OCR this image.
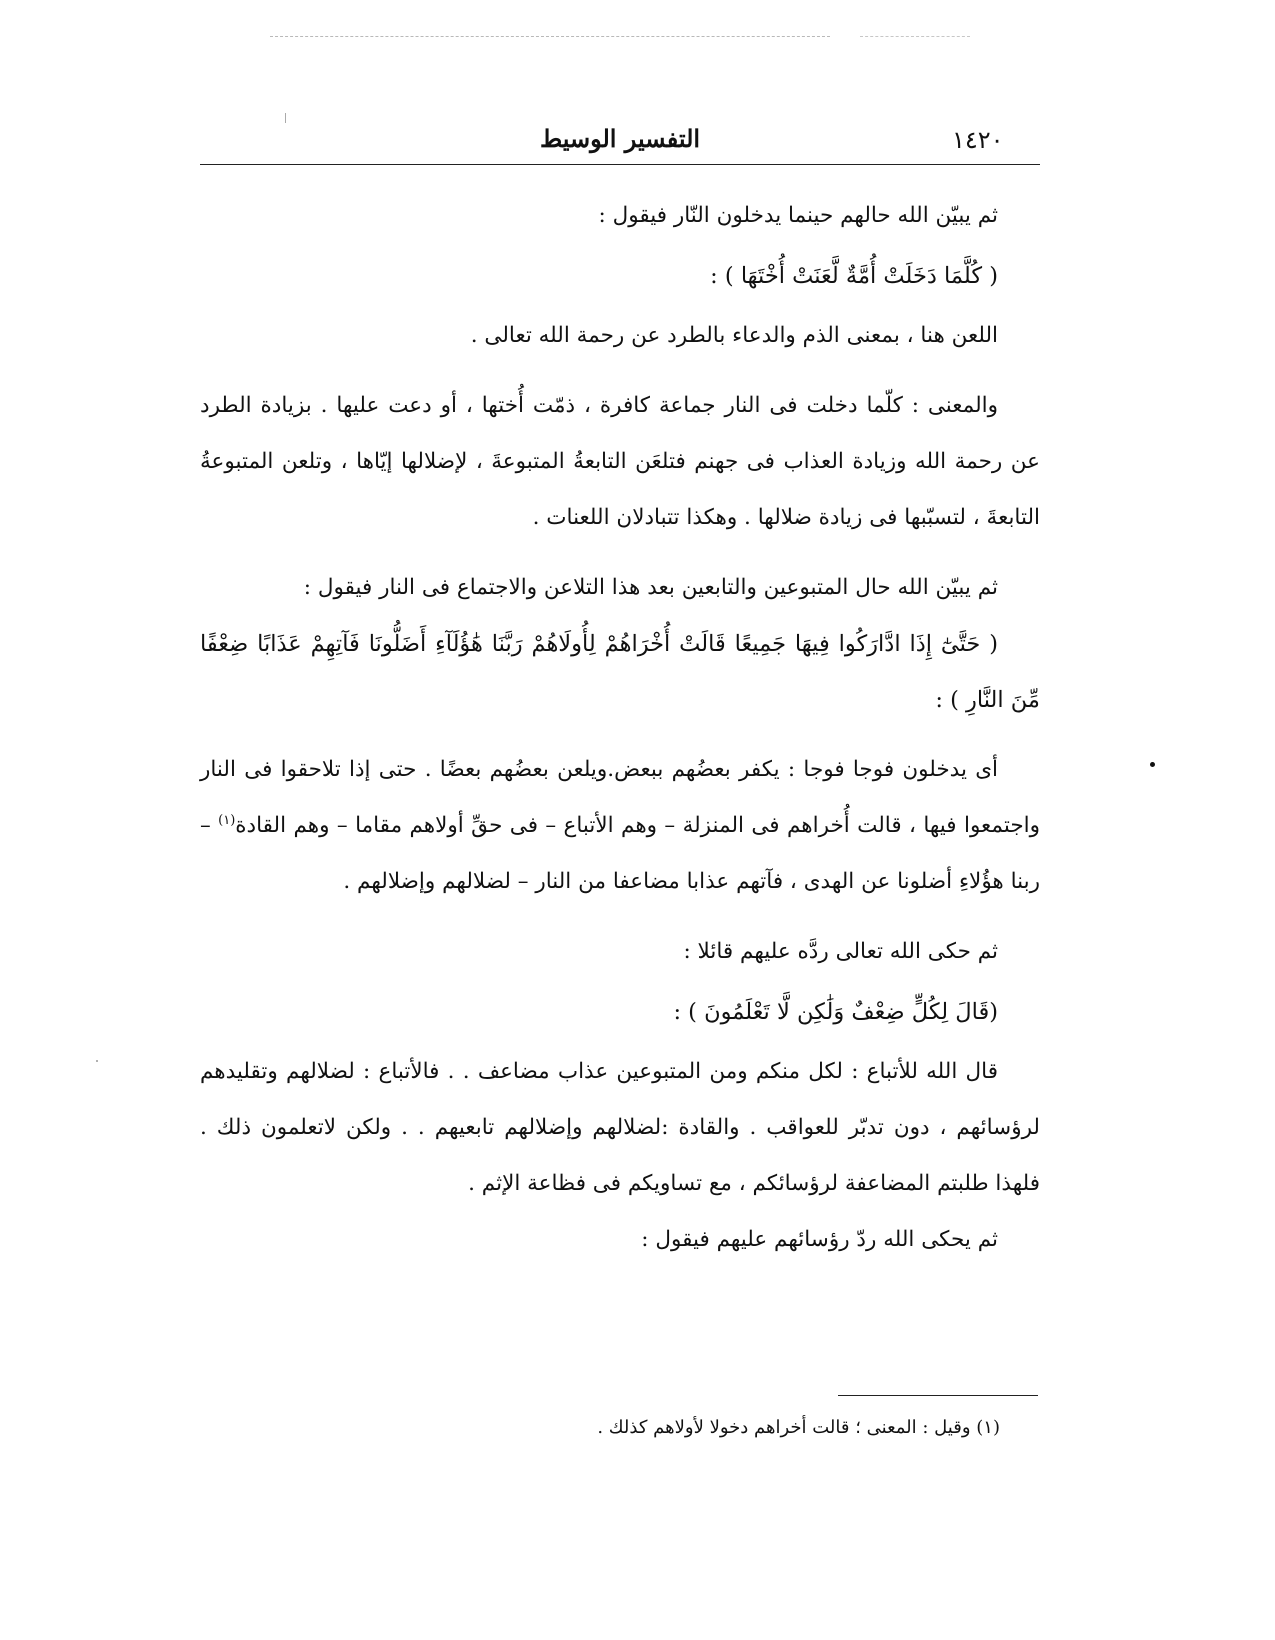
١٤٢٠
التفسير الوسيط

ثم يبيّن الله حالهم حينما يدخلون النّار فيقول :

( كُلَّمَا دَخَلَتْ أُمَّةٌ لَّعَنَتْ أُخْتَهَا ) :

اللعن هنا ، بمعنى الذم والدعاء بالطرد عن رحمة الله تعالى .

والمعنى : كلّما دخلت فى النار جماعة كافرة ، ذمّت أُختها ، أو دعت عليها . بزيادة الطرد عن رحمة الله وزيادة العذاب فى جهنم فتلعَن التابعةُ المتبوعةَ ، لإضلالها إيّاها ، وتلعن المتبوعةُ التابعةَ ، لتسبّبها فى زيادة ضلالها . وهكذا تتبادلان اللعنات .

ثم يبيّن الله حال المتبوعين والتابعين بعد هذا التلاعن والاجتماع فى النار فيقول :

( حَتَّىٰٓ إِذَا ادَّارَكُوا فِيهَا جَمِيعًا قَالَتْ أُخْرَاهُمْ لِأُولَاهُمْ رَبَّنَا هَٰؤُلَآءِ أَضَلُّونَا فَآتِهِمْ عَذَابًا ضِعْفًا مِّنَ النَّارِ ) :

أى يدخلون فوجا فوجا : يكفر بعضُهم ببعض.ويلعن بعضُهم بعضًا . حتى إذا تلاحقوا فى النار واجتمعوا فيها ، قالت أُخراهم فى المنزلة – وهم الأتباع – فى حقِّ أولاهم مقاما – وهم القادة$^{(١)}$ – ربنا هؤُلاءِ أضلونا عن الهدى ، فآتهم عذابا مضاعفا من النار – لضلالهم وإضلالهم .

ثم حكى الله تعالى ردَّه عليهم قائلا :

(قَالَ لِكُلٍّ ضِعْفٌ وَلَٰكِن لَّا تَعْلَمُونَ ) :

قال الله للأتباع : لكل منكم ومن المتبوعين عذاب مضاعف . . فالأتباع : لضلالهم وتقليدهم لرؤسائهم ، دون تدبّر للعواقب . والقادة :لضلالهم وإضلالهم تابعيهم . . ولكن لاتعلمون ذلك . فلهذا طلبتم المضاعفة لرؤسائكم ، مع تساويكم فى فظاعة الإثم .

ثم يحكى الله ردّ رؤسائهم عليهم فيقول :

(١) وقيل : المعنى ؛ قالت أخراهم دخولا لأولاهم كذلك .
